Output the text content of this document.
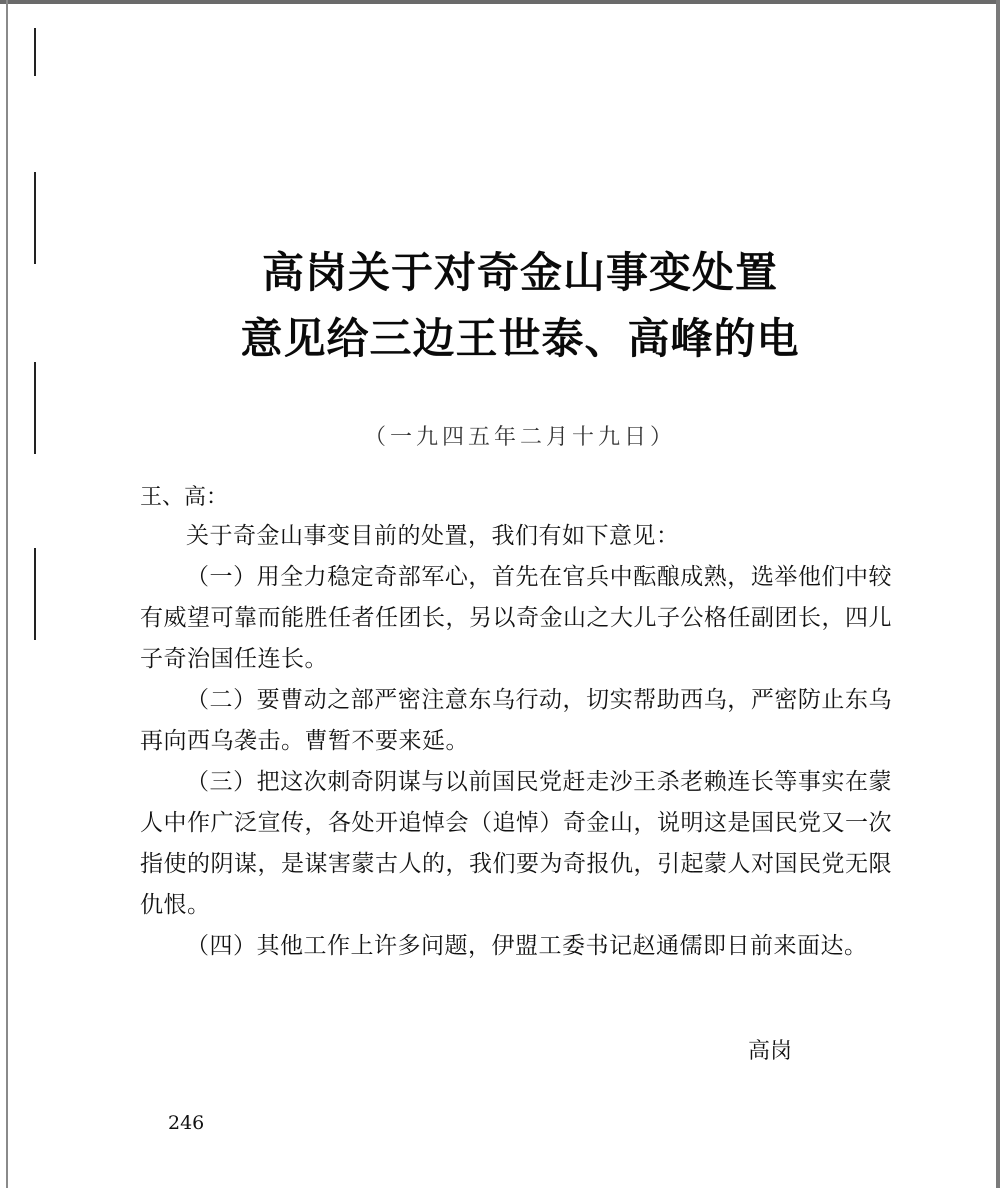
高岗关于对奇金山事变处置
意见给三边王世泰、高峰的电
（一九四五年二月十九日）
王、高：

关于奇金山事变目前的处置，我们有如下意见：

（一）用全力稳定奇部军心，首先在官兵中酝酿成熟，选举他们中较有威望可靠而能胜任者任团长，另以奇金山之大儿子公格任副团长，四儿子奇治国任连长。

（二）要曹动之部严密注意东乌行动，切实帮助西乌，严密防止东乌再向西乌袭击。曹暂不要来延。

（三）把这次刺奇阴谋与以前国民党赶走沙王杀老赖连长等事实在蒙人中作广泛宣传，各处开追悼会（追悼）奇金山，说明这是国民党又一次指使的阴谋，是谋害蒙古人的，我们要为奇报仇，引起蒙人对国民党无限仇恨。

（四）其他工作上许多问题，伊盟工委书记赵通儒即日前来面达。

高岗
246
